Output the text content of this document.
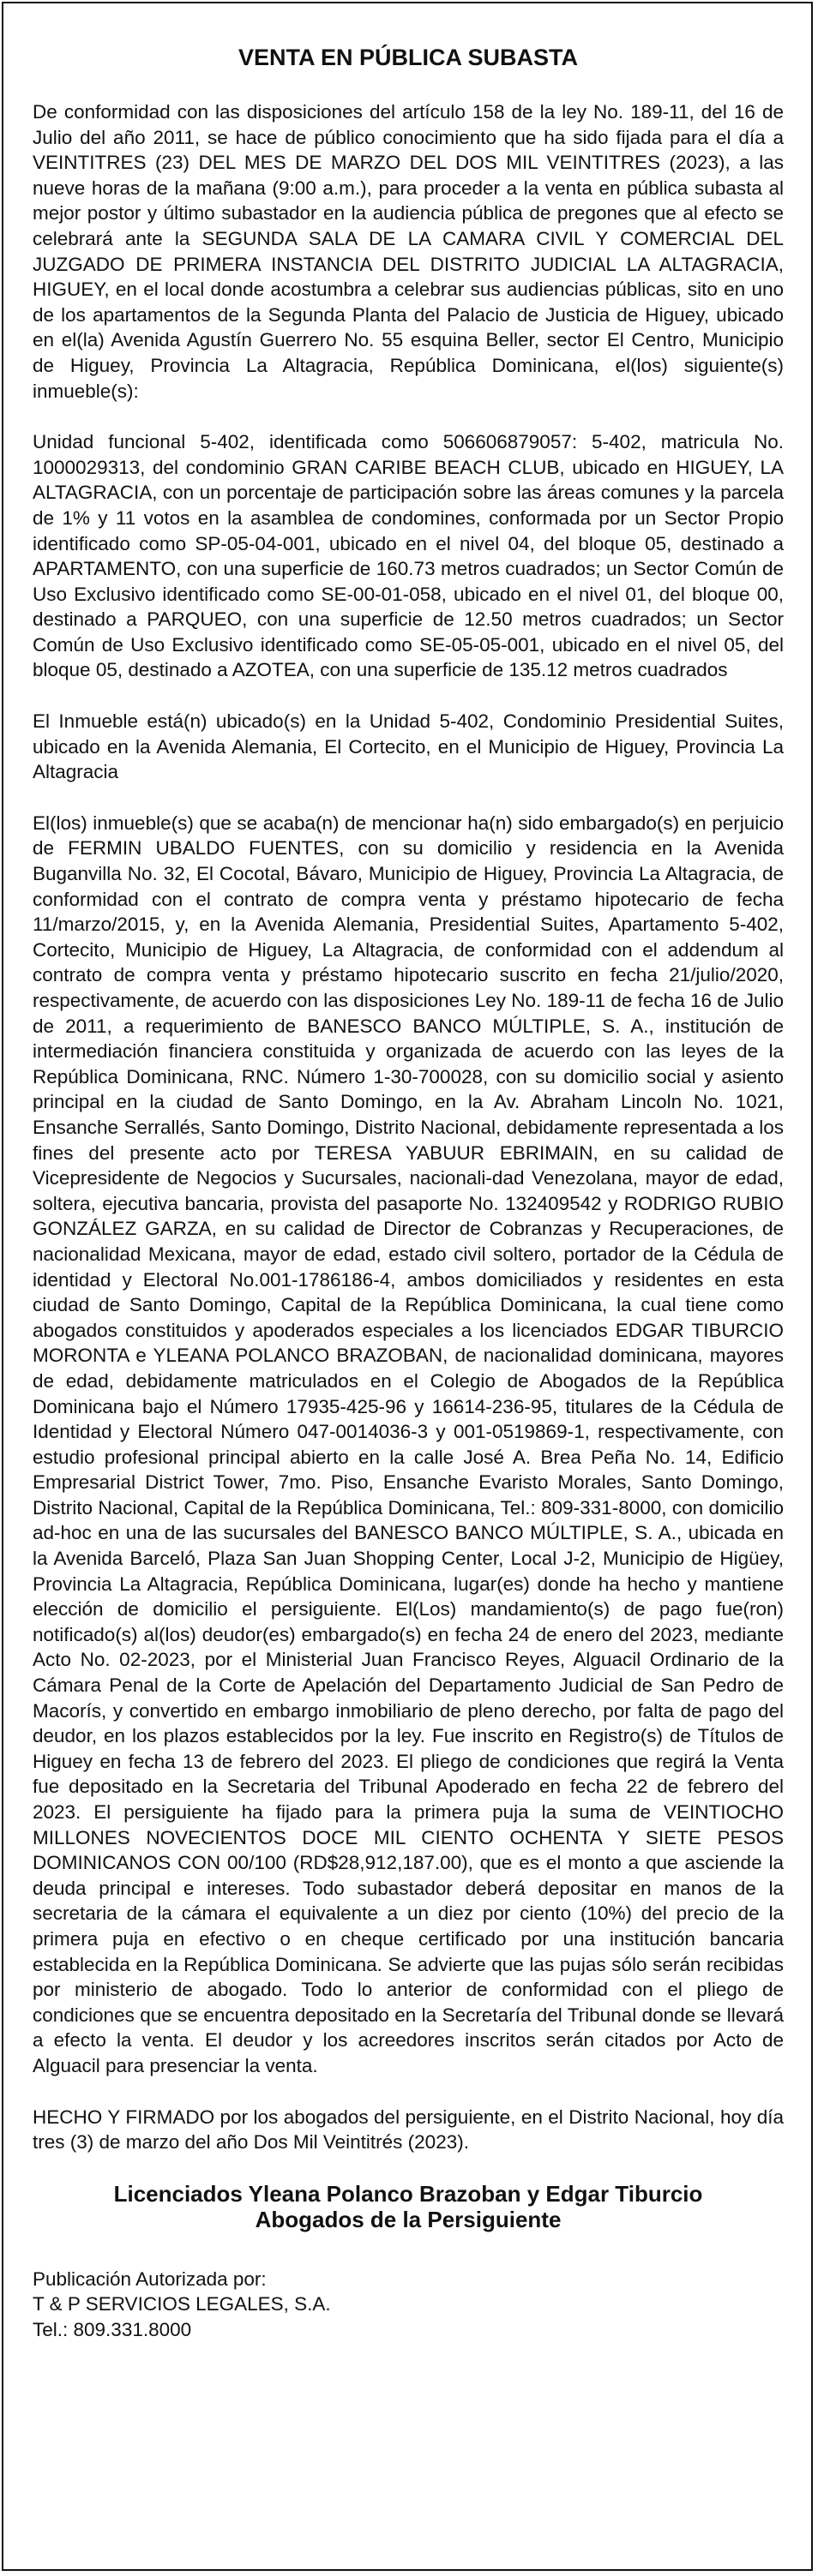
VENTA EN PÚBLICA SUBASTA

De conformidad con las disposiciones del artículo 158 de la ley No. 189-11, del 16 de Julio del año 2011, se hace de público conocimiento que ha sido fijada para el día a VEINTITRES (23) DEL MES DE MARZO DEL DOS MIL VEINTITRES (2023), a las nueve horas de la mañana (9:00 a.m.), para proceder a la venta en pública subasta al mejor postor y último subastador en la audiencia pública de pregones que al efecto se celebrará ante la SEGUNDA SALA DE LA CAMARA CIVIL Y COMERCIAL DEL JUZGADO DE PRIMERA INSTANCIA DEL DISTRITO JUDICIAL LA ALTAGRACIA, HIGUEY, en el local donde acostumbra a celebrar sus audiencias públicas, sito en uno de los apartamentos de la Segunda Planta del Palacio de Justicia de Higuey, ubicado en el(la) Avenida Agustín Guerrero No. 55 esquina Beller, sector El Centro, Municipio de Higuey, Provincia La Altagracia, República Dominicana, el(los) siguiente(s) inmueble(s):

Unidad funcional 5-402, identificada como 506606879057: 5-402, matricula No. 1000029313, del condominio GRAN CARIBE BEACH CLUB, ubicado en HIGUEY, LA ALTAGRACIA, con un porcentaje de participación sobre las áreas comunes y la parcela de 1% y 11 votos en la asamblea de condomines, conformada por un Sector Propio identificado como SP-05-04-001, ubicado en el nivel 04, del bloque 05, destinado a APARTAMENTO, con una superficie de 160.73 metros cuadrados; un Sector Común de Uso Exclusivo identificado como SE-00-01-058, ubicado en el nivel 01, del bloque 00, destinado a PARQUEO, con una superficie de 12.50 metros cuadrados; un Sector Común de Uso Exclusivo identificado como SE-05-05-001, ubicado en el nivel 05, del bloque 05, destinado a AZOTEA, con una superficie de 135.12 metros cuadrados

El Inmueble está(n) ubicado(s) en la Unidad 5-402, Condominio Presidential Suites, ubicado en la Avenida Alemania, El Cortecito, en el Municipio de Higuey, Provincia La Altagracia

El(los) inmueble(s) que se acaba(n) de mencionar ha(n) sido embargado(s) en perjuicio de FERMIN UBALDO FUENTES, con su domicilio y residencia en la Avenida Buganvilla No. 32, El Cocotal, Bávaro, Municipio de Higuey, Provincia La Altagracia, de conformidad con el contrato de compra venta y préstamo hipotecario de fecha 11/marzo/2015, y, en la Avenida Alemania, Presidential Suites, Apartamento 5-402, Cortecito, Municipio de Higuey, La Altagracia, de conformidad con el addendum al contrato de compra venta y préstamo hipotecario suscrito en fecha 21/julio/2020, respectivamente, de acuerdo con las disposiciones Ley No. 189-11 de fecha 16 de Julio de 2011, a requerimiento de BANESCO BANCO MÚLTIPLE, S. A., institución de intermediación financiera constituida y organizada de acuerdo con las leyes de la República Dominicana, RNC. Número 1-30-700028, con su domicilio social y asiento principal en la ciudad de Santo Domingo, en la Av. Abraham Lincoln No. 1021, Ensanche Serrallés, Santo Domingo, Distrito Nacional, debidamente representada a los fines del presente acto por TERESA YABUUR EBRIMAIN, en su calidad de Vicepresidente de Negocios y Sucursales, nacionali-dad Venezolana, mayor de edad, soltera, ejecutiva bancaria, provista del pasaporte No. 132409542 y RODRIGO RUBIO GONZÁLEZ GARZA, en su calidad de Director de Cobranzas y Recuperaciones, de nacionalidad Mexicana, mayor de edad, estado civil soltero, portador de la Cédula de identidad y Electoral No.001-1786186-4, ambos domiciliados y residentes en esta ciudad de Santo Domingo, Capital de la República Dominicana, la cual tiene como abogados constituidos y apoderados especiales a los licenciados EDGAR TIBURCIO MORONTA e YLEANA POLANCO BRAZOBAN, de nacionalidad dominicana, mayores de edad, debidamente matriculados en el Colegio de Abogados de la República Dominicana bajo el Número 17935-425-96 y 16614-236-95, titulares de la Cédula de Identidad y Electoral Número 047-0014036-3 y 001-0519869-1, respectivamente, con estudio profesional principal abierto en la calle José A. Brea Peña No. 14, Edificio Empresarial District Tower, 7mo. Piso, Ensanche Evaristo Morales, Santo Domingo, Distrito Nacional, Capital de la República Dominicana, Tel.: 809-331-8000, con domicilio ad-hoc en una de las sucursales del BANESCO BANCO MÚLTIPLE, S. A., ubicada en la Avenida Barceló, Plaza San Juan Shopping Center, Local J-2, Municipio de Higüey, Provincia La Altagracia, República Dominicana, lugar(es) donde ha hecho y mantiene elección de domicilio el persiguiente. El(Los) mandamiento(s) de pago fue(ron) notificado(s) al(los) deudor(es) embargado(s) en fecha 24 de enero del 2023, mediante Acto No. 02-2023, por el Ministerial Juan Francisco Reyes, Alguacil Ordinario de la Cámara Penal de la Corte de Apelación del Departamento Judicial de San Pedro de Macorís, y convertido en embargo inmobiliario de pleno derecho, por falta de pago del deudor, en los plazos establecidos por la ley. Fue inscrito en Registro(s) de Títulos de Higuey en fecha 13 de febrero del 2023. El pliego de condiciones que regirá la Venta fue depositado en la Secretaria del Tribunal Apoderado en fecha 22 de febrero del 2023. El persiguiente ha fijado para la primera puja la suma de VEINTIOCHO MILLONES NOVECIENTOS DOCE MIL CIENTO OCHENTA Y SIETE PESOS DOMINICANOS CON 00/100 (RD$28,912,187.00), que es el monto a que asciende la deuda principal e intereses. Todo subastador deberá depositar en manos de la secretaria de la cámara el equivalente a un diez por ciento (10%) del precio de la primera puja en efectivo o en cheque certificado por una institución bancaria establecida en la República Dominicana. Se advierte que las pujas sólo serán recibidas por ministerio de abogado. Todo lo anterior de conformidad con el pliego de condiciones que se encuentra depositado en la Secretaría del Tribunal donde se llevará a efecto la venta. El deudor y los acreedores inscritos serán citados por Acto de Alguacil para presenciar la venta.

HECHO Y FIRMADO por los abogados del persiguiente, en el Distrito Nacional, hoy día tres (3) de marzo del año Dos Mil Veintitrés (2023).

Licenciados Yleana Polanco Brazoban y Edgar Tiburcio
Abogados de la Persiguiente
Publicación Autorizada por:
T & P SERVICIOS LEGALES, S.A.
Tel.: 809.331.8000
